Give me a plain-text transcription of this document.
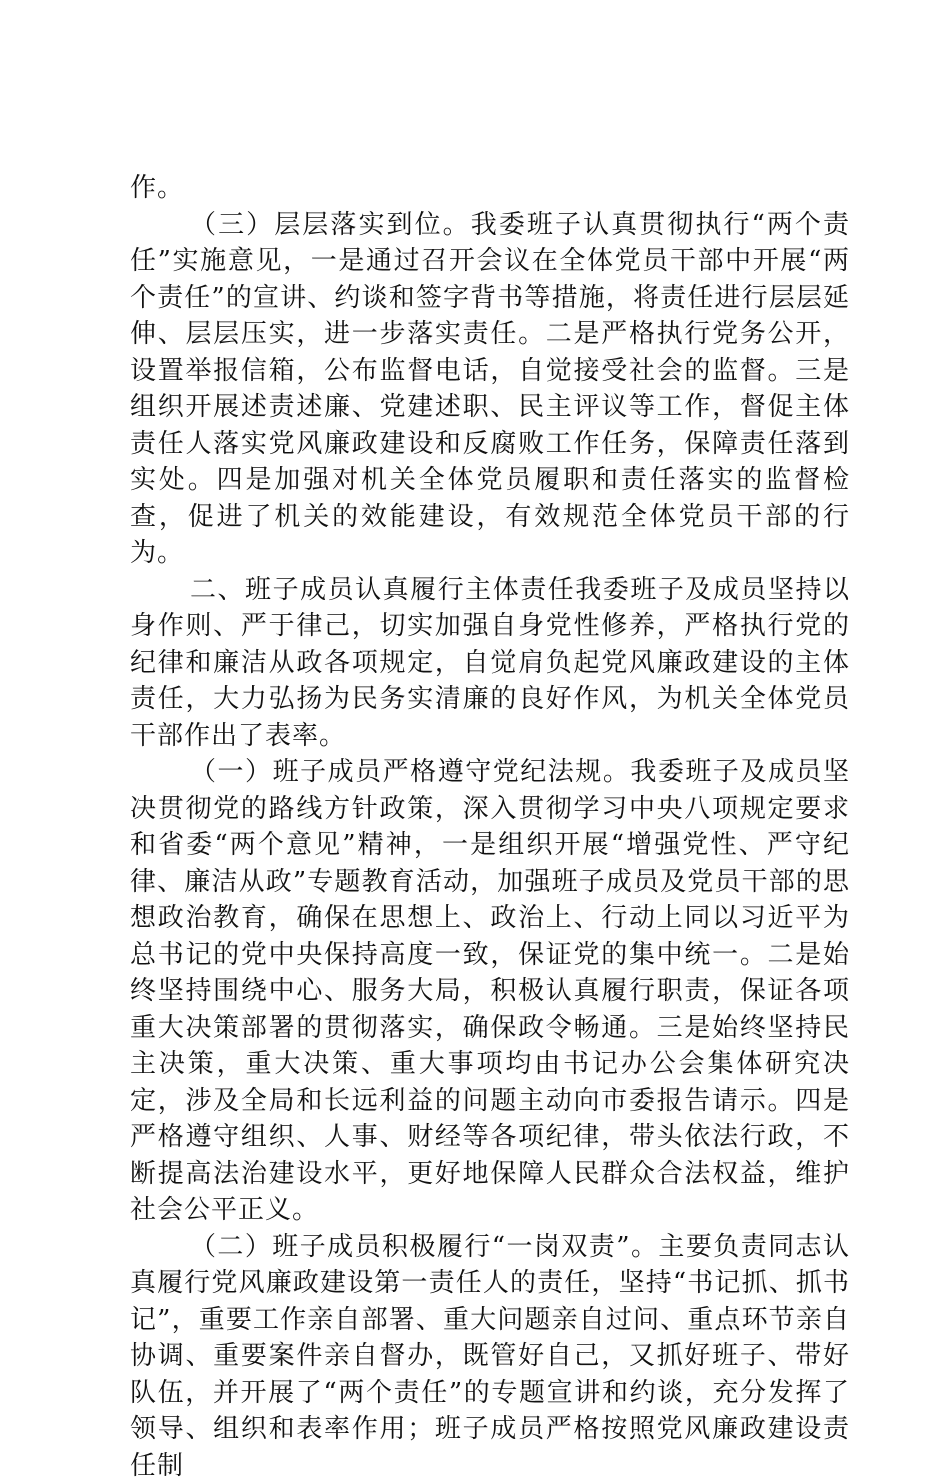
作。

（三）层层落实到位。我委班子认真贯彻执行“两个责任”实施意见，一是通过召开会议在全体党员干部中开展“两个责任”的宣讲、约谈和签字背书等措施，将责任进行层层延伸、层层压实，进一步落实责任。二是严格执行党务公开，设置举报信箱，公布监督电话，自觉接受社会的监督。三是组织开展述责述廉、党建述职、民主评议等工作，督促主体责任人落实党风廉政建设和反腐败工作任务，保障责任落到实处。四是加强对机关全体党员履职和责任落实的监督检查，促进了机关的效能建设，有效规范全体党员干部的行为。

二、班子成员认真履行主体责任我委班子及成员坚持以身作则、严于律己，切实加强自身党性修养，严格执行党的纪律和廉洁从政各项规定，自觉肩负起党风廉政建设的主体责任，大力弘扬为民务实清廉的良好作风，为机关全体党员干部作出了表率。

（一）班子成员严格遵守党纪法规。我委班子及成员坚决贯彻党的路线方针政策，深入贯彻学习中央八项规定要求和省委“两个意见”精神，一是组织开展“增强党性、严守纪律、廉洁从政”专题教育活动，加强班子成员及党员干部的思想政治教育，确保在思想上、政治上、行动上同以习近平为总书记的党中央保持高度一致，保证党的集中统一。二是始终坚持围绕中心、服务大局，积极认真履行职责，保证各项重大决策部署的贯彻落实，确保政令畅通。三是始终坚持民主决策，重大决策、重大事项均由书记办公会集体研究决定，涉及全局和长远利益的问题主动向市委报告请示。四是严格遵守组织、人事、财经等各项纪律，带头依法行政，不断提高法治建设水平，更好地保障人民群众合法权益，维护社会公平正义。

（二）班子成员积极履行“一岗双责”。主要负责同志认真履行党风廉政建设第一责任人的责任，坚持“书记抓、抓书记”，重要工作亲自部署、重大问题亲自过问、重点环节亲自协调、重要案件亲自督办，既管好自己，又抓好班子、带好队伍，并开展了“两个责任”的专题宣讲和约谈，充分发挥了领导、组织和表率作用；班子成员严格按照党风廉政建设责任制
